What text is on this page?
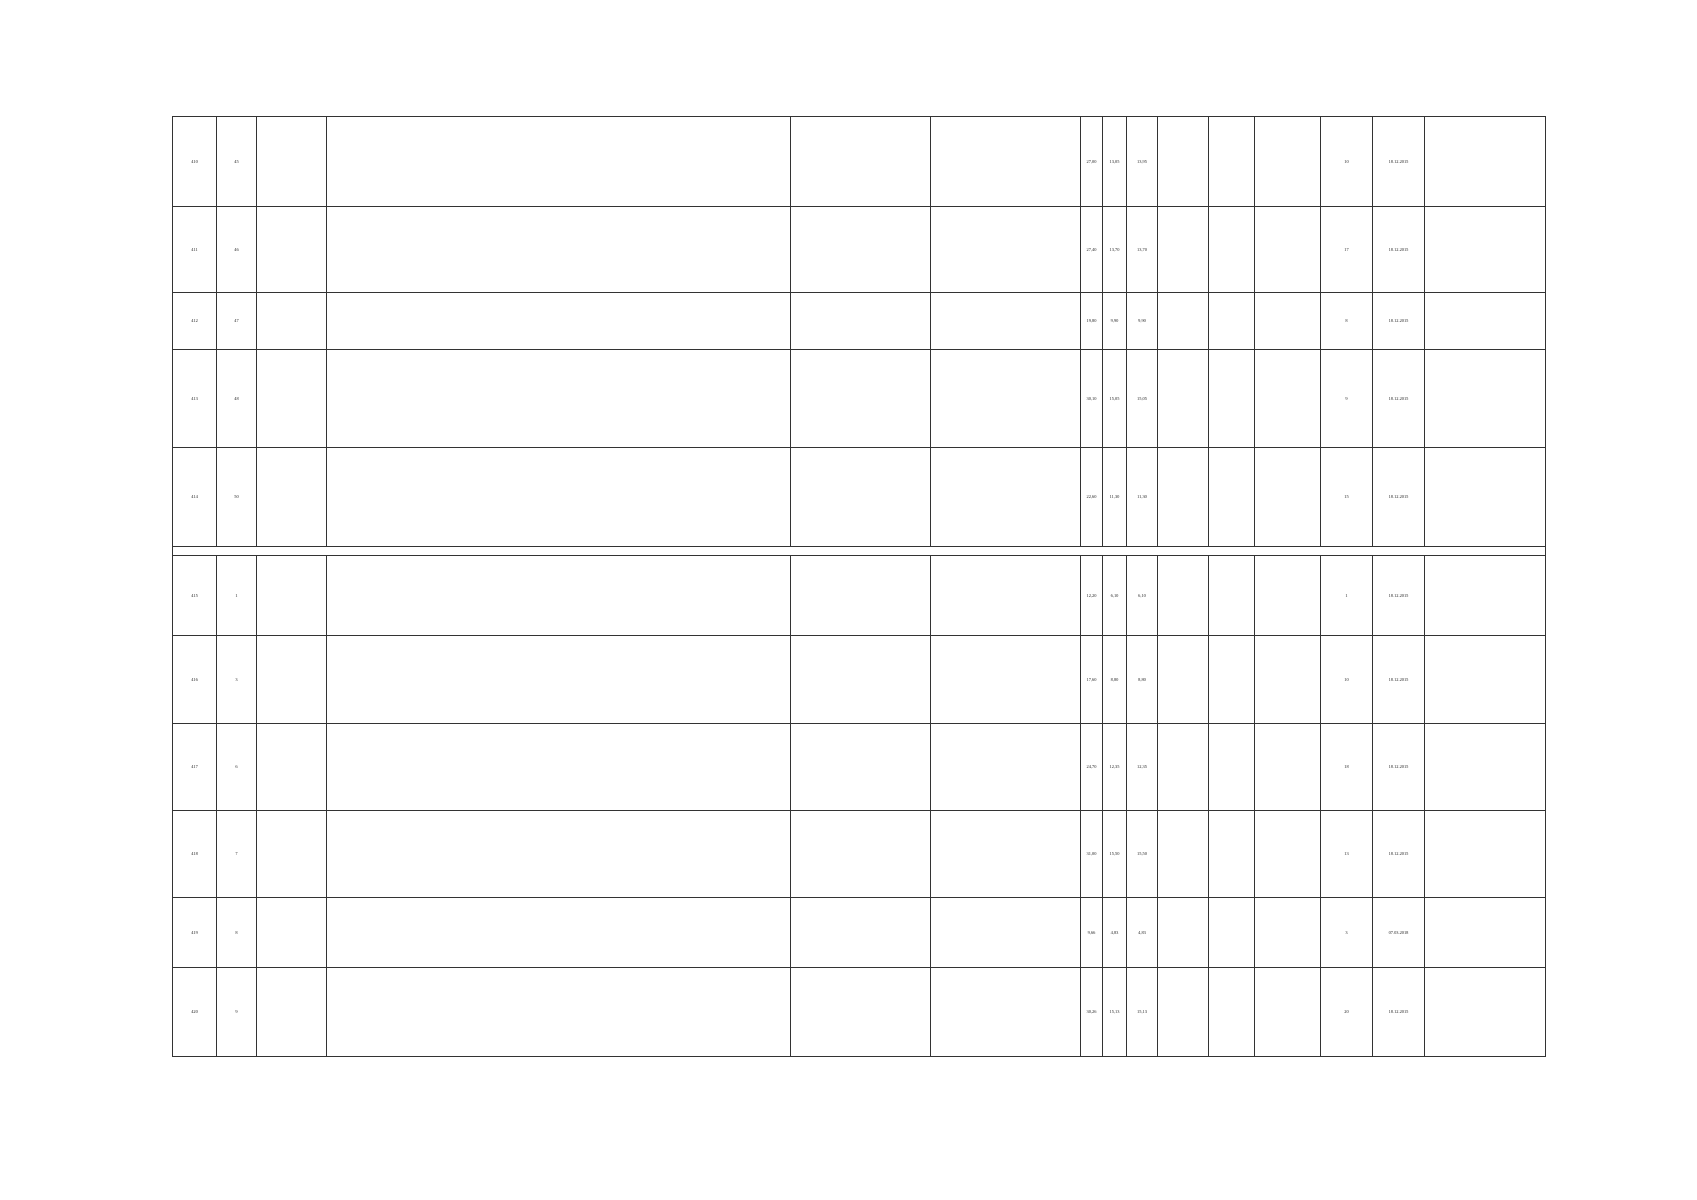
410	45					27,00	13,05	13,95				10	18.12.2015	
411	46					27,40	13,70	13,70				17	18.12.2015	
412	47					19,80	9,90	9,90				8	18.12.2015	
413	48					30,10	15,05	15,05				9	18.12.2015	
414	50					22,60	11,30	11,30				15	18.12.2015	

415	1					12,20	6,10	6,10				1	18.12.2015	
416	3					17,60	8,80	8,80				10	18.12.2015	
417	6					24,70	12,35	12,35				18	18.12.2015	
418	7					31,00	15,50	15,50				13	18.12.2015	
419	8					9,66	4,83	4,83				3	07.03.2018	
420	9					30,26	15,13	15,13				20	18.12.2015	
